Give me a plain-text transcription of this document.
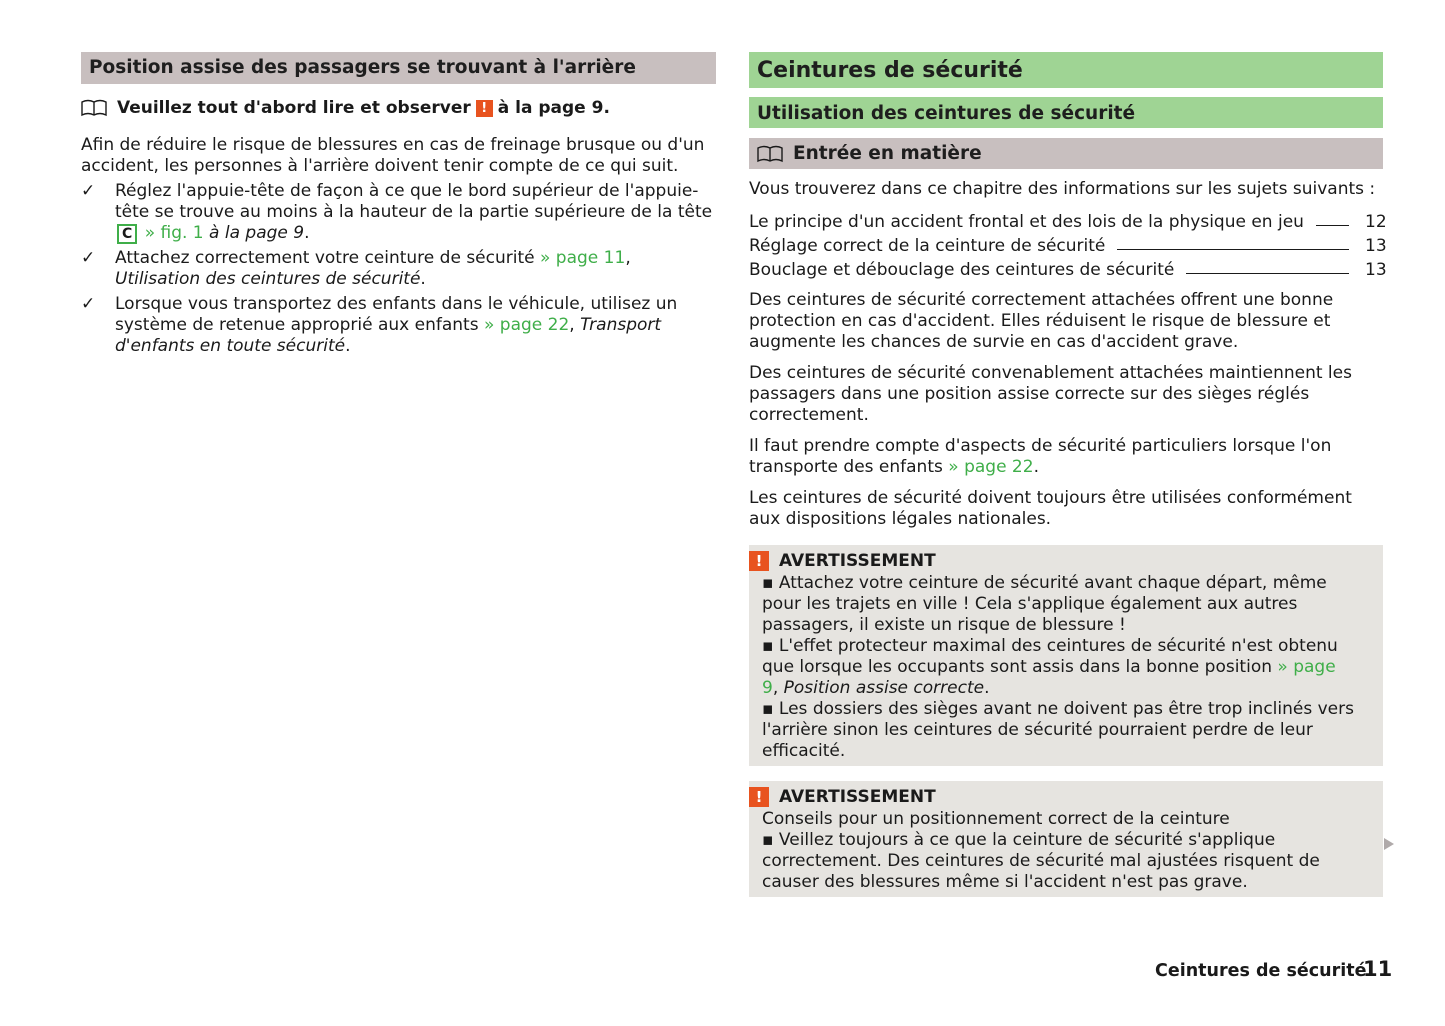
Position assise des passagers se trouvant à l'arrière
Veuillez tout d'abord lire et observer ! à la page 9.

Afin de réduire le risque de blessures en cas de freinage brusque ou d'un accident, les personnes à l'arrière doivent tenir compte de ce qui suit.

✓	Réglez l'appuie-tête de façon à ce que le bord supérieur de l'appuie-tête se trouve au moins à la hauteur de la partie supérieure de la tête C » fig. 1 à la page 9.
✓	Attachez correctement votre ceinture de sécurité » page 11, Utilisation des ceintures de sécurité.
✓	Lorsque vous transportez des enfants dans le véhicule, utilisez un système de retenue approprié aux enfants » page 22, Transport d'enfants en toute sécurité.
Ceintures de sécurité
Utilisation des ceintures de sécurité
Entrée en matière

Vous trouverez dans ce chapitre des informations sur les sujets suivants :

Le principe d'un accident frontal et des lois de la physique en jeu	12
Réglage correct de la ceinture de sécurité	13
Bouclage et débouclage des ceintures de sécurité	13

Des ceintures de sécurité correctement attachées offrent une bonne protection en cas d'accident. Elles réduisent le risque de blessure et augmente les chances de survie en cas d'accident grave.

Des ceintures de sécurité convenablement attachées maintiennent les passagers dans une position assise correcte sur des sièges réglés correctement.

Il faut prendre compte d'aspects de sécurité particuliers lorsque l'on transporte des enfants » page 22.

Les ceintures de sécurité doivent toujours être utilisées conformément aux dispositions légales nationales.

! AVERTISSEMENT

▪ Attachez votre ceinture de sécurité avant chaque départ, même pour les trajets en ville ! Cela s'applique également aux autres passagers, il existe un risque de blessure !

▪ L'effet protecteur maximal des ceintures de sécurité n'est obtenu que lorsque les occupants sont assis dans la bonne position » page 9, Position assise correcte.

▪ Les dossiers des sièges avant ne doivent pas être trop inclinés vers l'arrière sinon les ceintures de sécurité pourraient perdre de leur efficacité.

! AVERTISSEMENT

Conseils pour un positionnement correct de la ceinture

▪ Veillez toujours à ce que la ceinture de sécurité s'applique correctement. Des ceintures de sécurité mal ajustées risquent de causer des blessures même si l'accident n'est pas grave.

Ceintures de sécurité
11
